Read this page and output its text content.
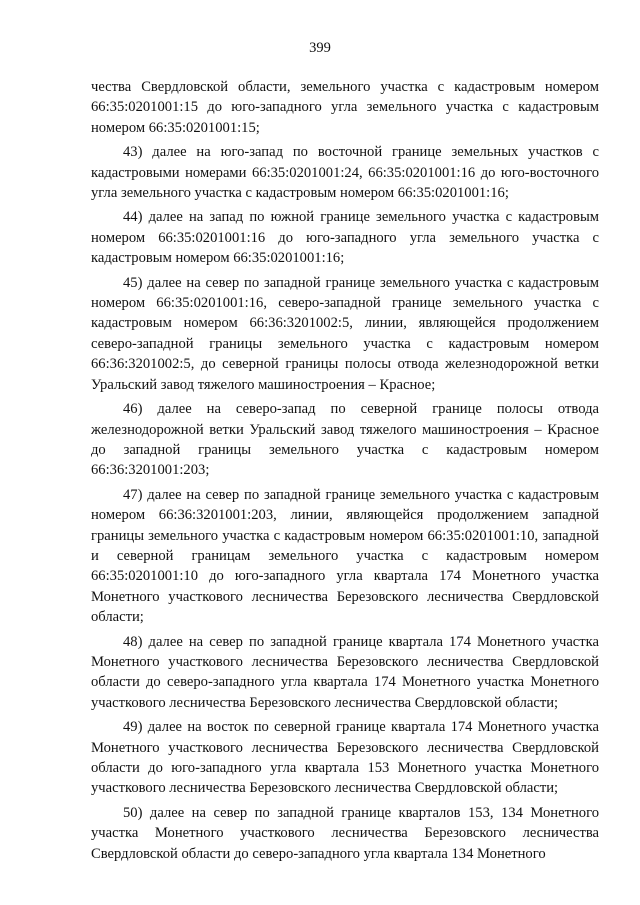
399

чества Свердловской области, земельного участка с кадастровым номером 66:35:0201001:15 до юго-западного угла земельного участка с кадастровым номером 66:35:0201001:15;

43) далее на юго-запад по восточной границе земельных участков с кадастровыми номерами 66:35:0201001:24, 66:35:0201001:16 до юго-восточного угла земельного участка с кадастровым номером 66:35:0201001:16;

44) далее на запад по южной границе земельного участка с кадастровым номером 66:35:0201001:16 до юго-западного угла земельного участка с кадастровым номером 66:35:0201001:16;

45) далее на север по западной границе земельного участка с кадастровым номером 66:35:0201001:16, северо-западной границе земельного участка с кадастровым номером 66:36:3201002:5, линии, являющейся продолжением северо-западной границы земельного участка с кадастровым номером 66:36:3201002:5, до северной границы полосы отвода железнодорожной ветки Уральский завод тяжелого машиностроения – Красное;

46) далее на северо-запад по северной границе полосы отвода железнодорожной ветки Уральский завод тяжелого машиностроения – Красное до западной границы земельного участка с кадастровым номером 66:36:3201001:203;

47) далее на север по западной границе земельного участка с кадастровым номером 66:36:3201001:203, линии, являющейся продолжением западной границы земельного участка с кадастровым номером 66:35:0201001:10, западной и северной границам земельного участка с кадастровым номером 66:35:0201001:10 до юго-западного угла квартала 174 Монетного участка Монетного участкового лесничества Березовского лесничества Свердловской области;

48) далее на север по западной границе квартала 174 Монетного участка Монетного участкового лесничества Березовского лесничества Свердловской области до северо-западного угла квартала 174 Монетного участка Монетного участкового лесничества Березовского лесничества Свердловской области;

49) далее на восток по северной границе квартала 174 Монетного участка Монетного участкового лесничества Березовского лесничества Свердловской области до юго-западного угла квартала 153 Монетного участка Монетного участкового лесничества Березовского лесничества Свердловской области;

50) далее на север по западной границе кварталов 153, 134 Монетного участка Монетного участкового лесничества Березовского лесничества Свердловской области до северо-западного угла квартала 134 Монетного
